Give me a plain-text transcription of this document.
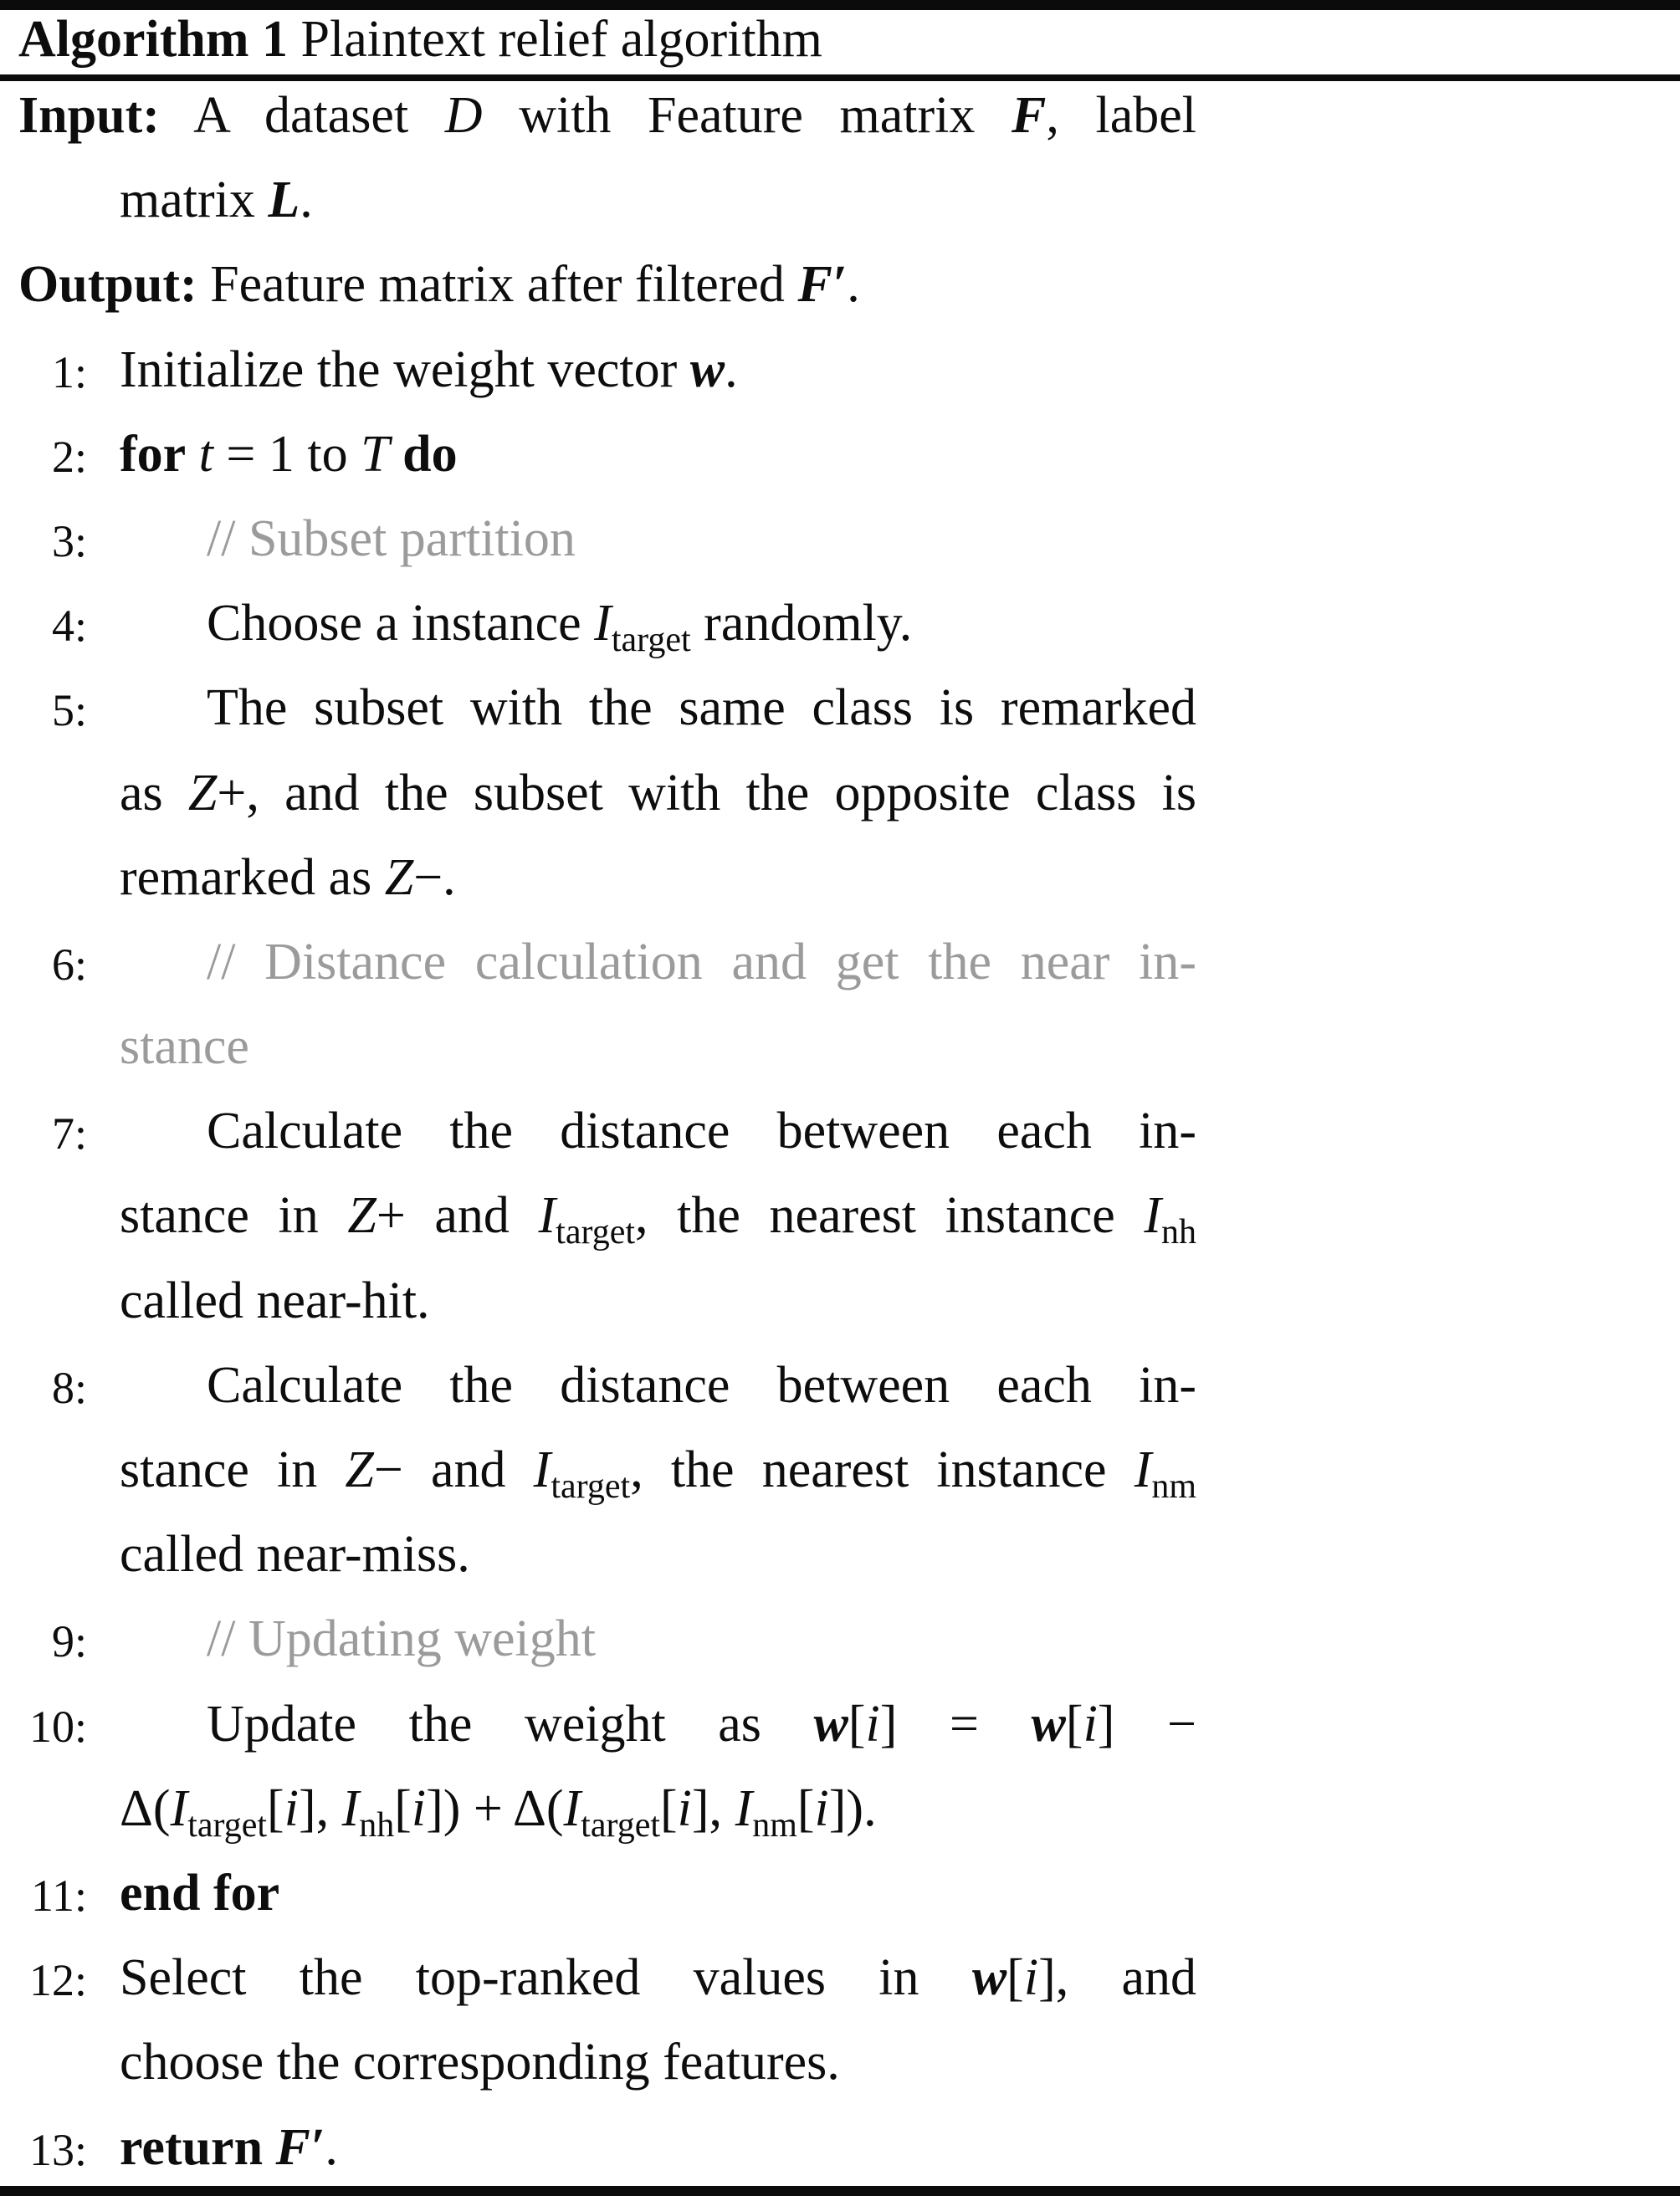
Algorithm 1 Plaintext relief algorithm
Input: A dataset D with Feature matrix F, label
matrix L.
Output: Feature matrix after filtered F′.
1: Initialize the weight vector w.
2: for t = 1 to T do
3: // Subset partition
4: Choose a instance $I_{target}$ randomly.
5: The subset with the same class is remarked
as Z+, and the subset with the opposite class is
remarked as Z−.
6: // Distance calculation and get the near in-
stance
7: Calculate the distance between each in-
stance in Z+ and $I_{target}$, the nearest instance $I_{nh}$
called near-hit.
8: Calculate the distance between each in-
stance in Z− and $I_{target}$, the nearest instance $I_{nm}$
called near-miss.
9: // Updating weight
10: Update the weight as w[i] = w[i] −
$\Delta(I_{target}[i]$, $I_{nh}[i]) + \Delta(I_{target}[i]$, $I_{nm}[i]$).
11: end for
12: Select the top-ranked values in w[i], and
choose the corresponding features.
13: return F′.
